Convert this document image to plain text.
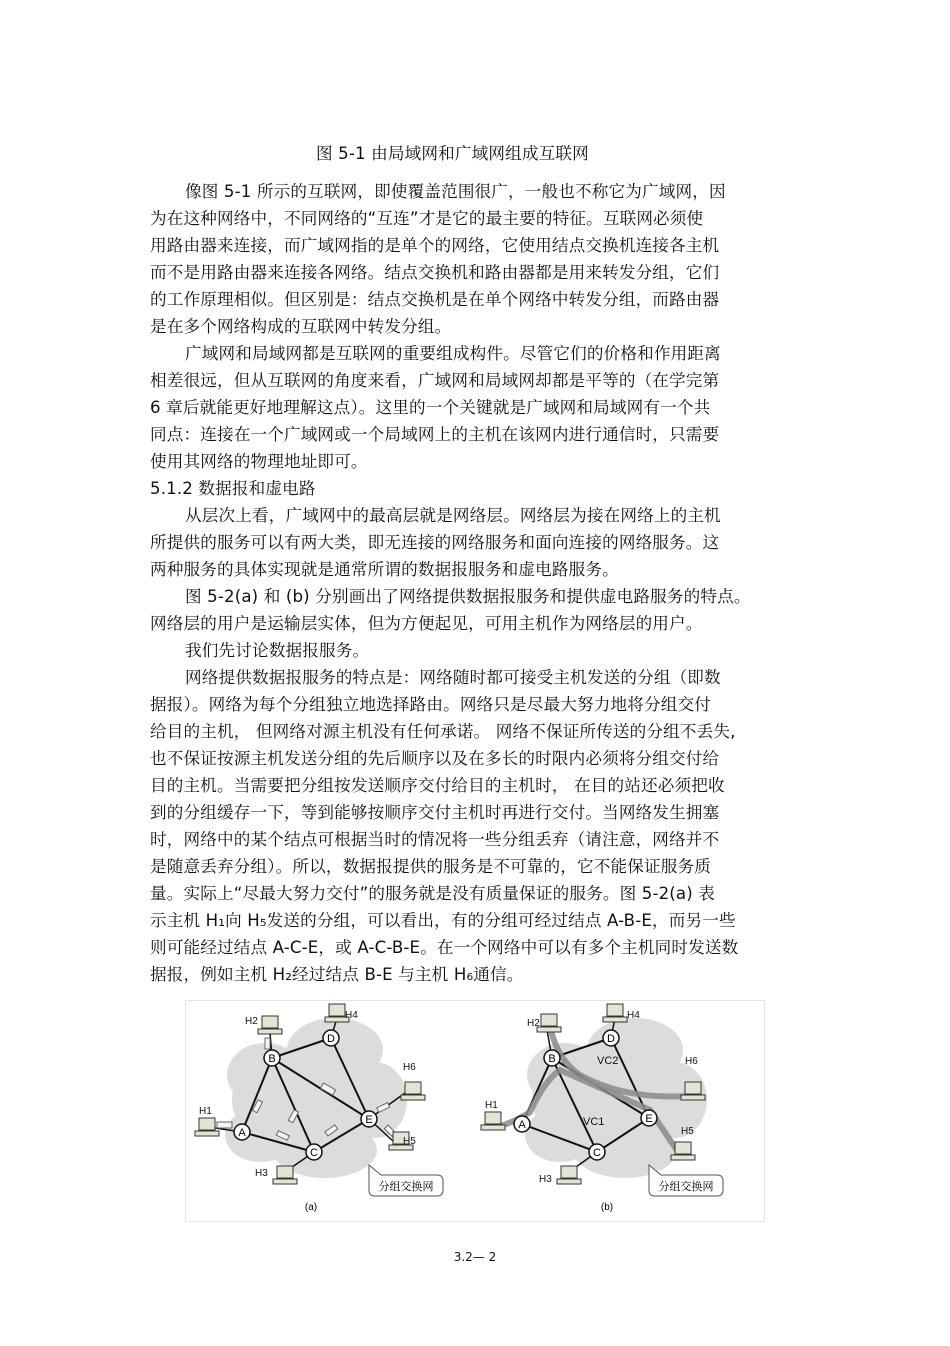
图 5-1 由局域网和广域网组成互联网
像图 5-1 所示的互联网，即使覆盖范围很广，一般也不称它为广域网，因
为在这种网络中，不同网络的“互连”才是它的最主要的特征。互联网必须使
用路由器来连接，而广域网指的是单个的网络，它使用结点交换机连接各主机
而不是用路由器来连接各网络。结点交换机和路由器都是用来转发分组，它们
的工作原理相似。但区别是：结点交换机是在单个网络中转发分组，而路由器
是在多个网络构成的互联网中转发分组。
广域网和局域网都是互联网的重要组成构件。尽管它们的价格和作用距离
相差很远，但从互联网的角度来看，广域网和局域网却都是平等的（在学完第
6 章后就能更好地理解这点）。这里的一个关键就是广域网和局域网有一个共
同点：连接在一个广域网或一个局域网上的主机在该网内进行通信时，只需要
使用其网络的物理地址即可。
5.1.2 数据报和虚电路
从层次上看，广域网中的最高层就是网络层。网络层为接在网络上的主机
所提供的服务可以有两大类，即无连接的网络服务和面向连接的网络服务。这
两种服务的具体实现就是通常所谓的数据报服务和虚电路服务。
图 5-2(a) 和 (b) 分别画出了网络提供数据报服务和提供虚电路服务的特点。
网络层的用户是运输层实体，但为方便起见，可用主机作为网络层的用户。
我们先讨论数据报服务。
网络提供数据报服务的特点是：网络随时都可接受主机发送的分组（即数
据报）。网络为每个分组独立地选择路由。网络只是尽最大努力地将分组交付
给目的主机， 但网络对源主机没有任何承诺。 网络不保证所传送的分组不丢失,
也不保证按源主机发送分组的先后顺序以及在多长的时限内必须将分组交付给
目的主机。当需要把分组按发送顺序交付给目的主机时， 在目的站还必须把收
到的分组缓存一下，等到能够按顺序交付主机时再进行交付。当网络发生拥塞
时，网络中的某个结点可根据当时的情况将一些分组丢弃（请注意，网络并不
是随意丢弃分组）。所以，数据报提供的服务是不可靠的，它不能保证服务质
量。实际上“尽最大努力交付”的服务就是没有质量保证的服务。图 5-2(a) 表
示主机 H₁向 H₅发送的分组，可以看出，有的分组可经过结点 A-B-E，而另一些
则可能经过结点 A-C-E，或 A-C-B-E。在一个网络中可以有多个主机同时发送数
据报，例如主机 H₂经过结点 B-E 与主机 H₆通信。
A
B
C
D
E
H1
H2
H3
H4
H5
H6
分组交换网
(a)
A
B
C
D
E
H1
H2
H3
H4
H5
H6
VC1
VC2
分组交换网
(b)
3.2— 2
